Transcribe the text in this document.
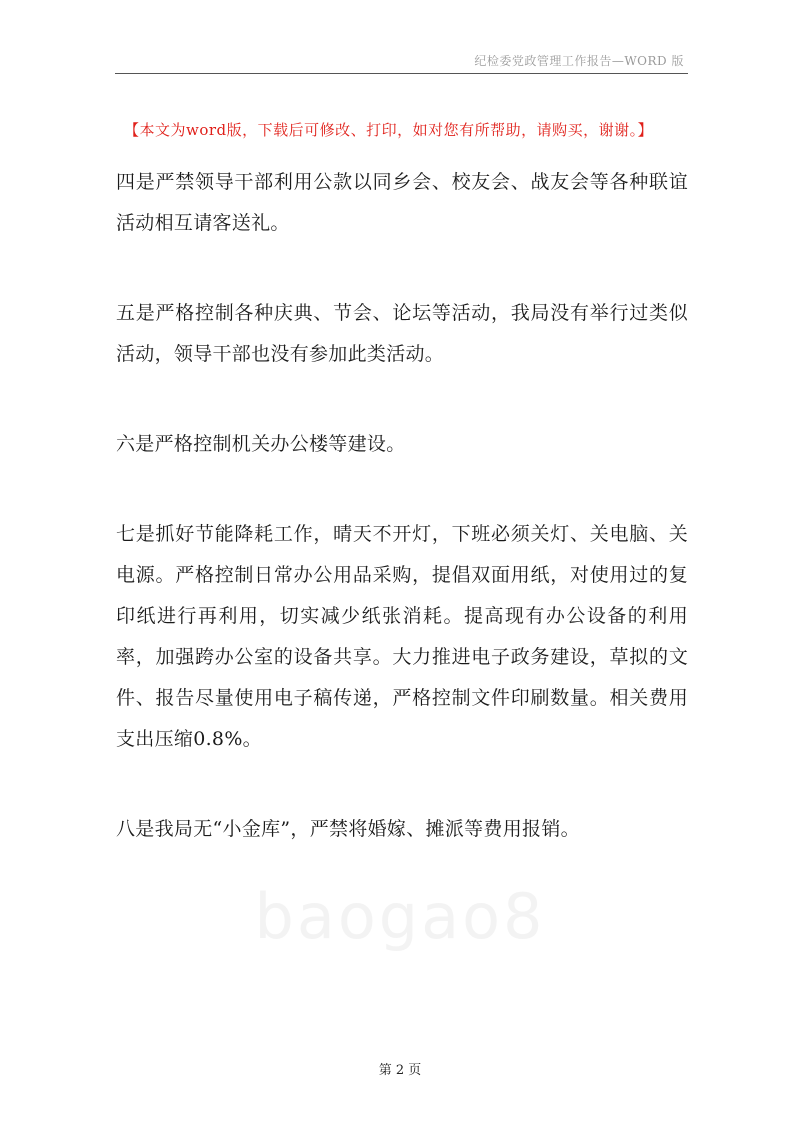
纪检委党政管理工作报告—WORD 版
【本文为word版，下载后可修改、打印，如对您有所帮助，请购买，谢谢。】

四是严禁领导干部利用公款以同乡会、校友会、战友会等各种联谊活动相互请客送礼。

五是严格控制各种庆典、节会、论坛等活动，我局没有举行过类似活动，领导干部也没有参加此类活动。

六是严格控制机关办公楼等建设。

七是抓好节能降耗工作，晴天不开灯，下班必须关灯、关电脑、关电源。严格控制日常办公用品采购，提倡双面用纸，对使用过的复印纸进行再利用，切实减少纸张消耗。提高现有办公设备的利用率，加强跨办公室的设备共享。大力推进电子政务建设，草拟的文件、报告尽量使用电子稿传递，严格控制文件印刷数量。相关费用支出压缩0.8%。

八是我局无“小金库”，严禁将婚嫁、摊派等费用报销。

baogao8
第 2 页
